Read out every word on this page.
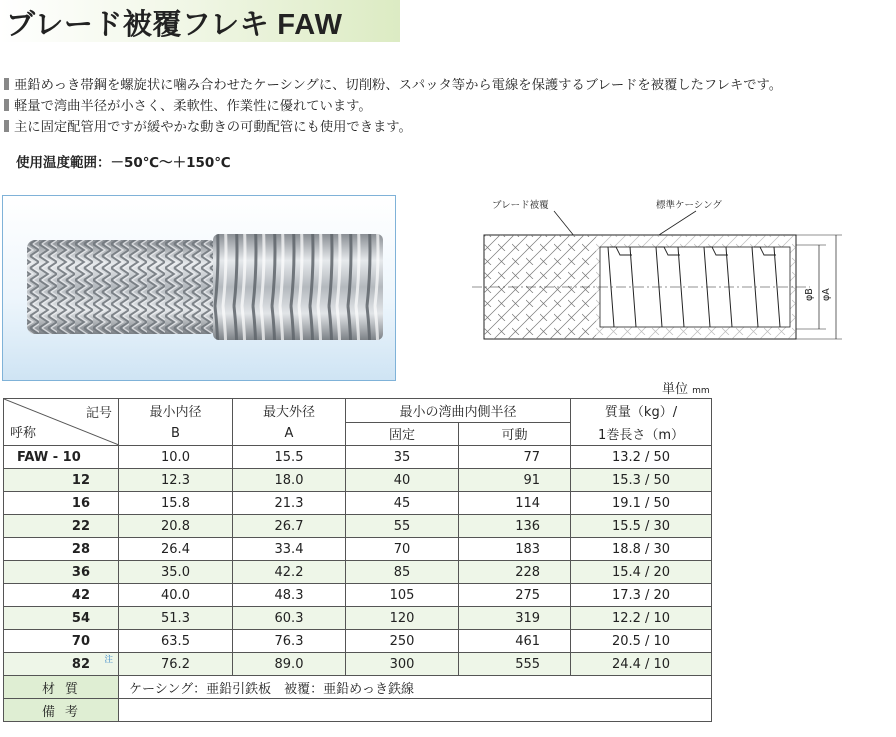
ブレード被覆フレキ FAW
亜鉛めっき帯鋼を螺旋状に噛み合わせたケーシングに、切削粉、スパッタ等から電線を保護するブレードを被覆したフレキです。
軽量で湾曲半径が小さく、柔軟性、作業性に優れています。
主に固定配管用ですが緩やかな動きの可動配管にも使用できます。
使用温度範囲：－50℃～＋150℃
ブレード被覆	標準ケーシング
φB φA
単位 mm
記号
呼称	最小内径	最大外径	最小の湾曲内側半径		質量（kg）/
	B	A	固定	可動	1巻長さ（m）
FAW - 10	10.0	15.5	35	77	13.2 / 50
12	12.3	18.0	40	91	15.3 / 50
16	15.8	21.3	45	114	19.1 / 50
22	20.8	26.7	55	136	15.5 / 30
28	26.4	33.4	70	183	18.8 / 30
36	35.0	42.2	85	228	15.4 / 20
42	40.0	48.3	105	275	17.3 / 20
54	51.3	60.3	120	319	12.2 / 10
70	63.5	76.3	250	461	20.5 / 10
82 注	76.2	89.0	300	555	24.4 / 10
材質	ケーシング：亜鉛引鉄板　被覆：亜鉛めっき鉄線				
備考					
